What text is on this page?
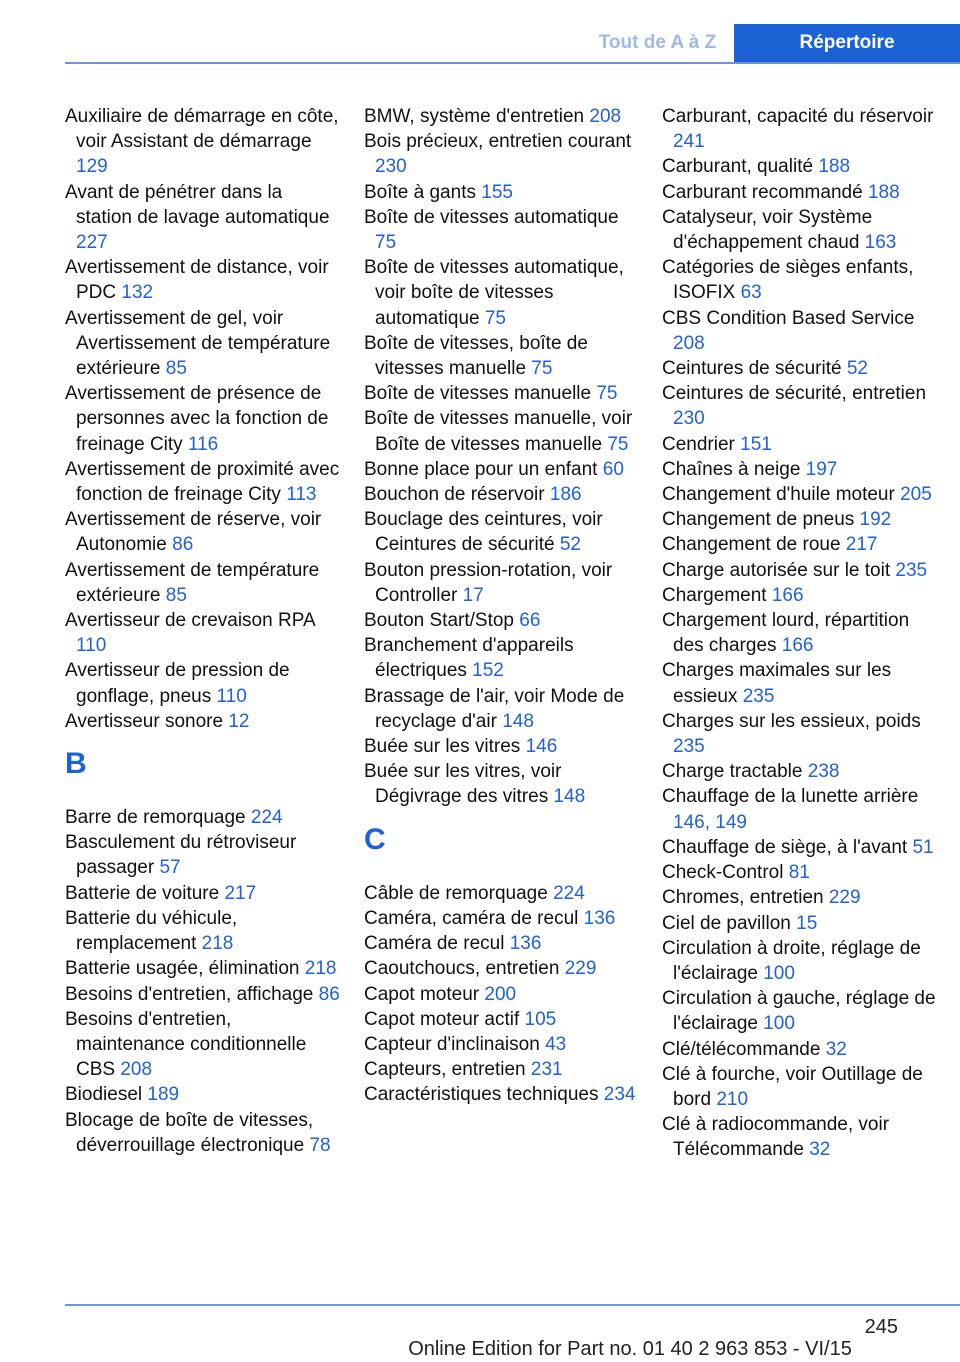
Tout de A à Z	Répertoire

Auxiliaire de démarrage en côte, voir Assistant de démarrage 129

Avant de pénétrer dans la station de lavage automatique 227

Avertissement de distance, voir PDC 132

Avertissement de gel, voir Avertissement de température extérieure 85

Avertissement de présence de personnes avec la fonction de freinage City 116

Avertissement de proximité avec fonction de freinage City 113

Avertissement de réserve, voir Autonomie 86

Avertissement de température extérieure 85

Avertisseur de crevaison RPA 110

Avertisseur de pression de gonflage, pneus 110

Avertisseur sonore 12

B

Barre de remorquage 224

Basculement du rétroviseur passager 57

Batterie de voiture 217

Batterie du véhicule, remplacement 218

Batterie usagée, élimination 218

Besoins d'entretien, affichage 86

Besoins d'entretien, maintenance conditionnelle CBS 208

Biodiesel 189

Blocage de boîte de vitesses, déverrouillage électronique 78

BMW, système d'entretien 208

Bois précieux, entretien courant 230

Boîte à gants 155

Boîte de vitesses automatique 75

Boîte de vitesses automatique, voir boîte de vitesses automatique 75

Boîte de vitesses, boîte de vitesses manuelle 75

Boîte de vitesses manuelle 75

Boîte de vitesses manuelle, voir Boîte de vitesses manuelle 75

Bonne place pour un enfant 60

Bouchon de réservoir 186

Bouclage des ceintures, voir Ceintures de sécurité 52

Bouton pression-rotation, voir Controller 17

Bouton Start/Stop 66

Branchement d'appareils électriques 152

Brassage de l'air, voir Mode de recyclage d'air 148

Buée sur les vitres 146

Buée sur les vitres, voir Dégivrage des vitres 148

C

Câble de remorquage 224

Caméra, caméra de recul 136

Caméra de recul 136

Caoutchoucs, entretien 229

Capot moteur 200

Capot moteur actif 105

Capteur d'inclinaison 43

Capteurs, entretien 231

Caractéristiques techniques 234

Carburant, capacité du réservoir 241

Carburant, qualité 188

Carburant recommandé 188

Catalyseur, voir Système d'échappement chaud 163

Catégories de sièges enfants, ISOFIX 63

CBS Condition Based Service 208

Ceintures de sécurité 52

Ceintures de sécurité, entretien 230

Cendrier 151

Chaînes à neige 197

Changement d'huile moteur 205

Changement de pneus 192

Changement de roue 217

Charge autorisée sur le toit 235

Chargement 166

Chargement lourd, répartition des charges 166

Charges maximales sur les essieux 235

Charges sur les essieux, poids 235

Charge tractable 238

Chauffage de la lunette arrière 146, 149

Chauffage de siège, à l'avant 51

Check-Control 81

Chromes, entretien 229

Ciel de pavillon 15

Circulation à droite, réglage de l'éclairage 100

Circulation à gauche, réglage de l'éclairage 100

Clé/télécommande 32

Clé à fourche, voir Outillage de bord 210

Clé à radiocommande, voir Télécommande 32

245
Online Edition for Part no. 01 40 2 963 853 - VI/15
